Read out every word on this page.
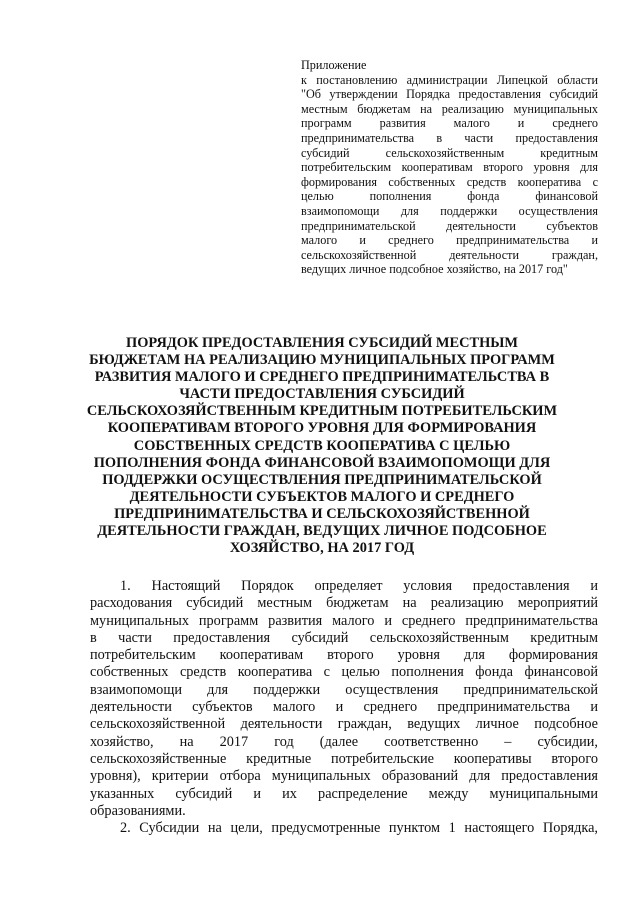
Приложение
к постановлению администрации Липецкой области
"Об утверждении Порядка предоставления субсидий
местным бюджетам на реализацию муниципальных
программ развития малого и среднего
предпринимательства в части предоставления
субсидий сельскохозяйственным кредитным
потребительским кооперативам второго уровня для
формирования собственных средств кооператива с
целью пополнения фонда финансовой
взаимопомощи для поддержки осуществления
предпринимательской деятельности субъектов
малого и среднего предпринимательства и
сельскохозяйственной деятельности граждан,
ведущих личное подсобное хозяйство, на 2017 год"
ПОРЯДОК ПРЕДОСТАВЛЕНИЯ СУБСИДИЙ МЕСТНЫМ
БЮДЖЕТАМ НА РЕАЛИЗАЦИЮ МУНИЦИПАЛЬНЫХ ПРОГРАММ
РАЗВИТИЯ МАЛОГО И СРЕДНЕГО ПРЕДПРИНИМАТЕЛЬСТВА В
ЧАСТИ ПРЕДОСТАВЛЕНИЯ СУБСИДИЙ
СЕЛЬСКОХОЗЯЙСТВЕННЫМ КРЕДИТНЫМ ПОТРЕБИТЕЛЬСКИМ
КООПЕРАТИВАМ ВТОРОГО УРОВНЯ ДЛЯ ФОРМИРОВАНИЯ
СОБСТВЕННЫХ СРЕДСТВ КООПЕРАТИВА С ЦЕЛЬЮ
ПОПОЛНЕНИЯ ФОНДА ФИНАНСОВОЙ ВЗАИМОПОМОЩИ ДЛЯ
ПОДДЕРЖКИ ОСУЩЕСТВЛЕНИЯ ПРЕДПРИНИМАТЕЛЬСКОЙ
ДЕЯТЕЛЬНОСТИ СУБЪЕКТОВ МАЛОГО И СРЕДНЕГО
ПРЕДПРИНИМАТЕЛЬСТВА И СЕЛЬСКОХОЗЯЙСТВЕННОЙ
ДЕЯТЕЛЬНОСТИ ГРАЖДАН, ВЕДУЩИХ ЛИЧНОЕ ПОДСОБНОЕ
ХОЗЯЙСТВО, НА 2017 ГОД
1. Настоящий Порядок определяет условия предоставления и
расходования субсидий местным бюджетам на реализацию мероприятий
муниципальных программ развития малого и среднего предпринимательства
в части предоставления субсидий сельскохозяйственным кредитным
потребительским кооперативам второго уровня для формирования
собственных средств кооператива с целью пополнения фонда финансовой
взаимопомощи для поддержки осуществления предпринимательской
деятельности субъектов малого и среднего предпринимательства и
сельскохозяйственной деятельности граждан, ведущих личное подсобное
хозяйство, на 2017 год (далее соответственно – субсидии,
сельскохозяйственные кредитные потребительские кооперативы второго
уровня), критерии отбора муниципальных образований для предоставления
указанных субсидий и их распределение между муниципальными
образованиями.
2. Субсидии на цели, предусмотренные пунктом 1 настоящего Порядка,
